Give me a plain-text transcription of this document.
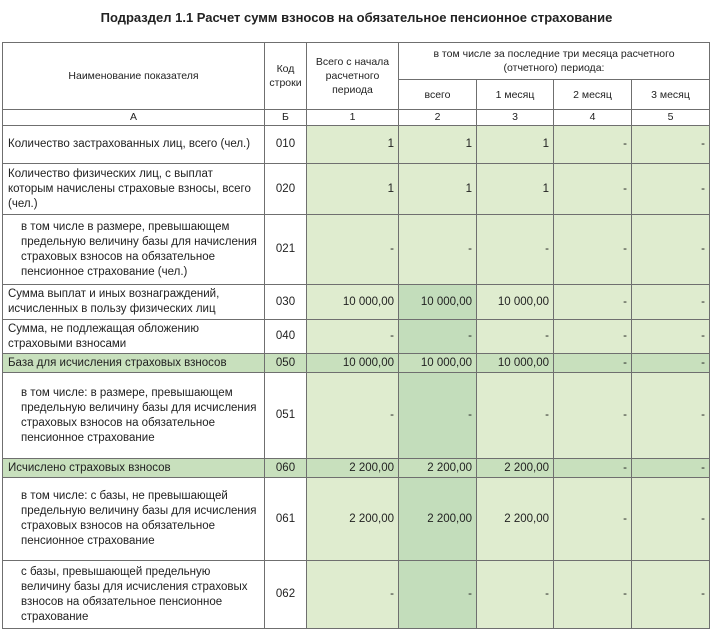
Подраздел 1.1 Расчет сумм взносов на обязательное пенсионное страхование
Наименование показателя	Код строки	Всего с начала расчетного периода	в том числе за последние три месяца расчетного (отчетного) периода:			
			всего	1 месяц	2 месяц	3 месяц
А	Б	1	2	3	4	5
Количество застрахованных лиц, всего (чел.)	010	1	1	1	-	-
Количество физических лиц, с выплат которым начислены страховые взносы, всего (чел.)	020	1	1	1	-	-
в том числе в размере, превышающем предельную величину базы для начисления страховых взносов на обязательное пенсионное страхование (чел.)	021	-	-	-	-	-
Сумма выплат и иных вознаграждений, исчисленных в пользу физических лиц	030	10 000,00	10 000,00	10 000,00	-	-
Сумма, не подлежащая обложению страховыми взносами	040	-	-	-	-	-
База для исчисления страховых взносов	050	10 000,00	10 000,00	10 000,00	-	-
в том числе: в размере, превышающем предельную величину базы для исчисления страховых взносов на обязательное пенсионное страхование	051	-	-	-	-	-
Исчислено страховых взносов	060	2 200,00	2 200,00	2 200,00	-	-
в том числе: с базы, не превышающей предельную величину базы для исчисления страховых взносов на обязательное пенсионное страхование	061	2 200,00	2 200,00	2 200,00	-	-
с базы, превышающей предельную величину базы для исчисления страховых взносов на обязательное пенсионное страхование	062	-	-	-	-	-
